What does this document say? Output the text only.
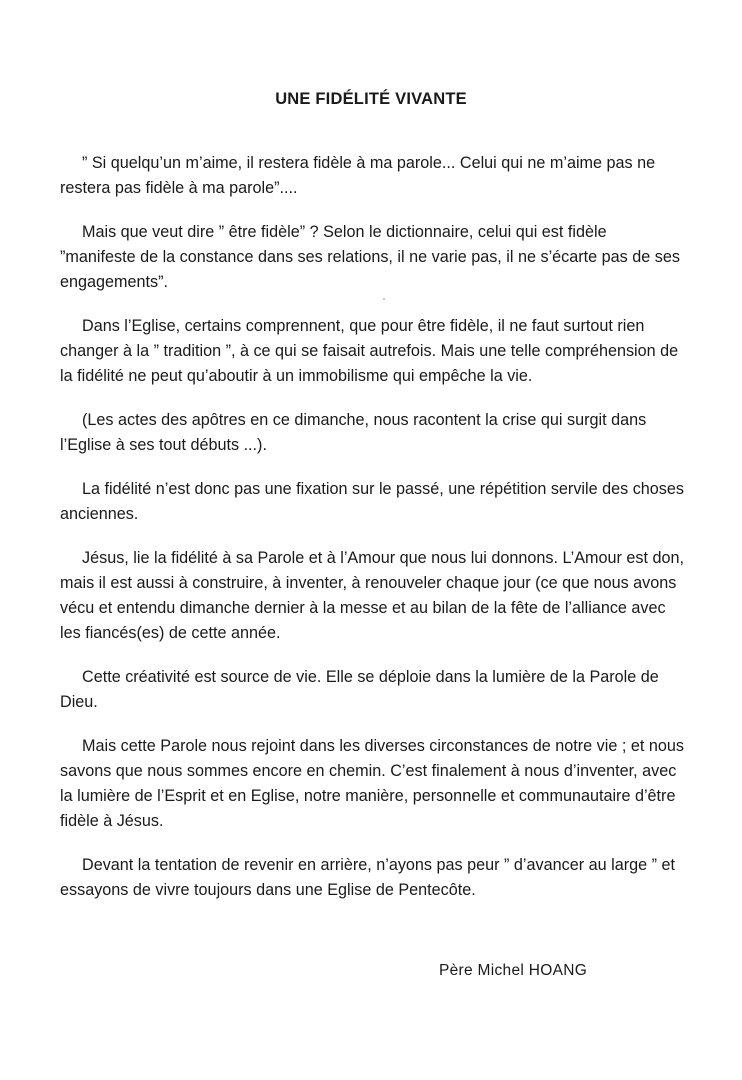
UNE FIDÉLITÉ VIVANTE

” Si quelqu’un m’aime, il restera fidèle à ma parole... Celui qui ne m’aime pas ne restera pas fidèle à ma parole”....

Mais que veut dire ” être fidèle” ? Selon le dictionnaire, celui qui est fidèle ”manifeste de la constance dans ses relations, il ne varie pas, il ne s’écarte pas de ses engagements”.

Dans l’Eglise, certains comprennent, que pour être fidèle, il ne faut surtout rien changer à la ” tradition ”, à ce qui se faisait autrefois. Mais une telle compréhension de la fidélité ne peut qu’aboutir à un immobilisme qui empêche la vie.

(Les actes des apôtres en ce dimanche, nous racontent la crise qui surgit dans l’Eglise à ses tout débuts ...).

La fidélité n’est donc pas une fixation sur le passé, une répétition servile des choses anciennes.

Jésus, lie la fidélité à sa Parole et à l’Amour que nous lui donnons. L’Amour est don, mais il est aussi à construire, à inventer, à renouveler chaque jour (ce que nous avons vécu et entendu dimanche dernier à la messe et au bilan de la fête de l’alliance avec les fiancés(es) de cette année.

Cette créativité est source de vie. Elle se déploie dans la lumière de la Parole de Dieu.

Mais cette Parole nous rejoint dans les diverses circonstances de notre vie ; et nous savons que nous sommes encore en chemin. C’est finalement à nous d’inventer, avec la lumière de l’Esprit et en Eglise, notre manière, personnelle et communautaire d’être fidèle à Jésus.

Devant la tentation de revenir en arrière, n’ayons pas peur ” d’avancer au large ” et essayons de vivre toujours dans une Eglise de Pentecôte.

Père Michel HOANG
